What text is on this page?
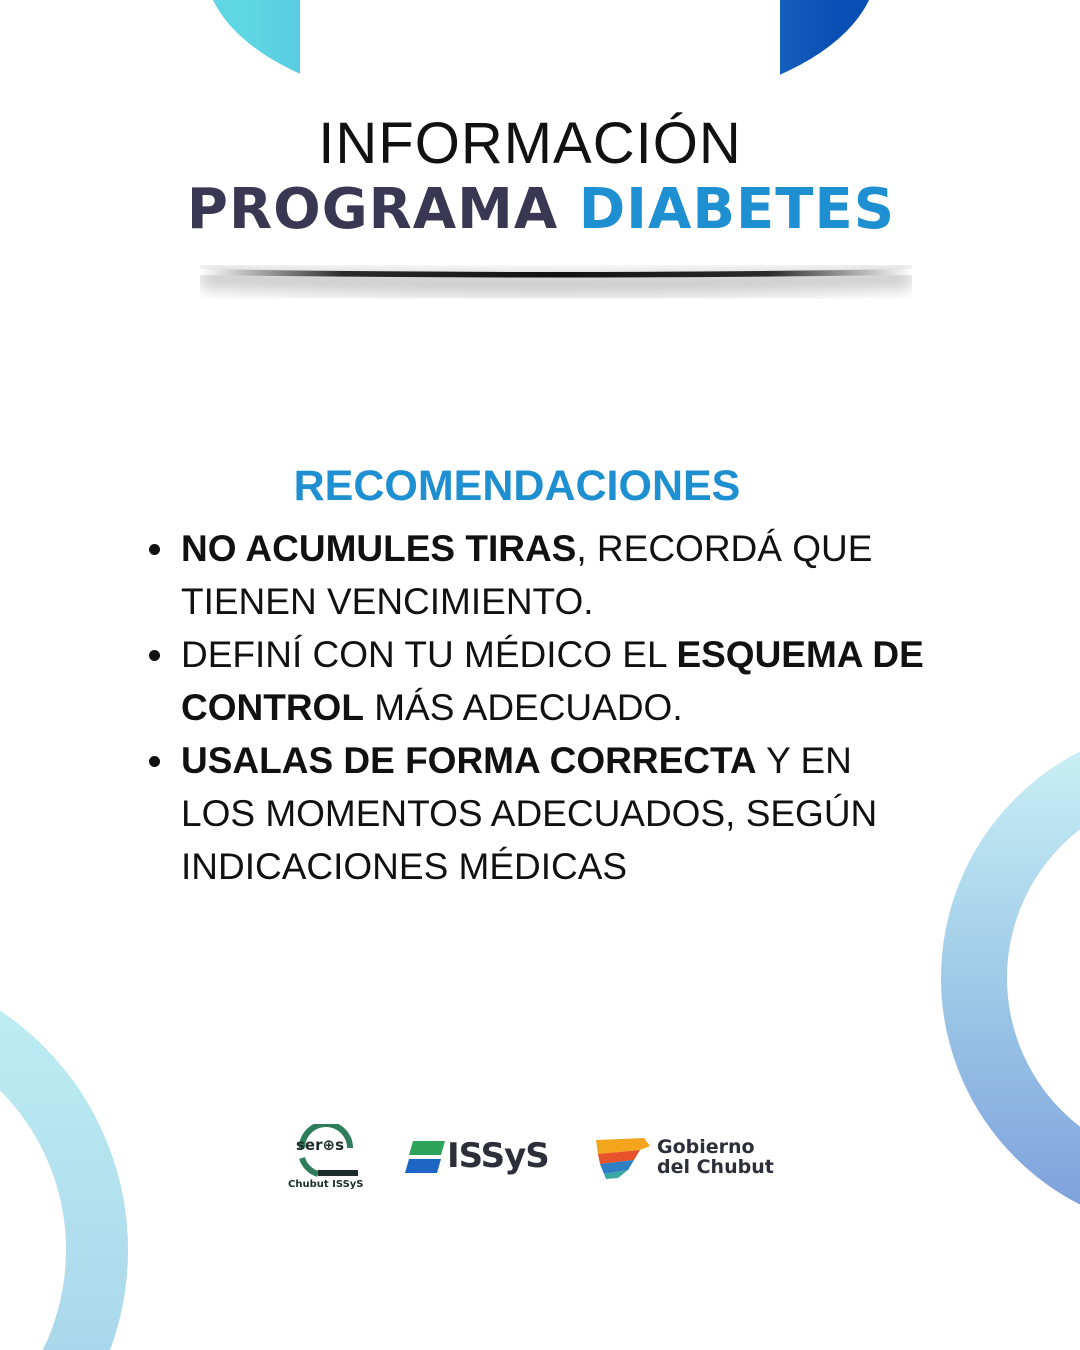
INFORMACIÓN
PROGRAMA DIABETES
RECOMENDACIONES
NO ACUMULES TIRAS, RECORDÁ QUE TIENEN VENCIMIENTO.
DEFINÍ CON TU MÉDICO EL ESQUEMA DE CONTROL MÁS ADECUADO.
USALAS DE FORMA CORRECTA Y EN LOS MOMENTOS ADECUADOS, SEGÚN INDICACIONES MÉDICAS
ser⊕s
Chubut ISSyS
ISSyS	Gobierno
del Chubut
